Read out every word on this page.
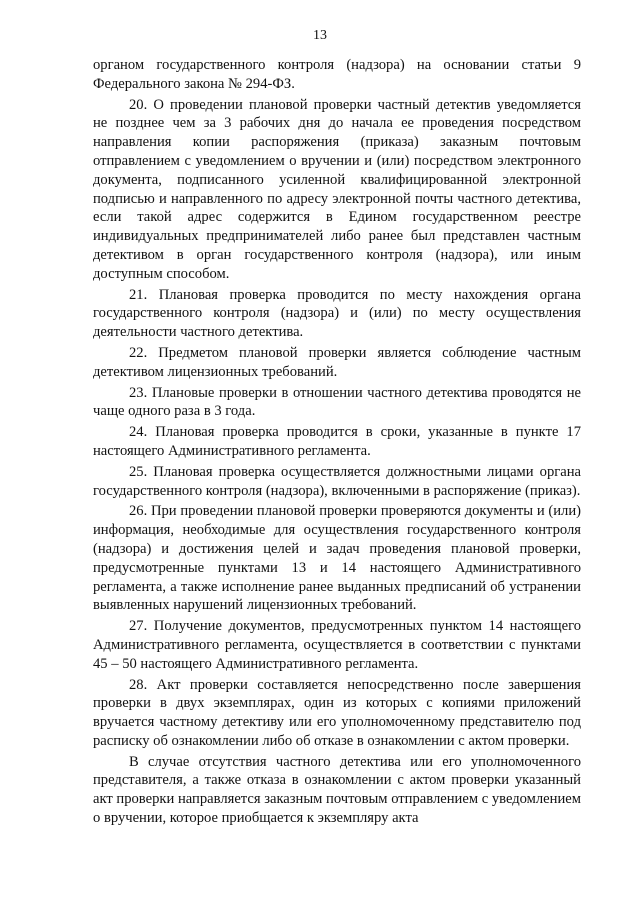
13

органом государственного контроля (надзора) на основании статьи 9 Федерального закона № 294-ФЗ.

20. О проведении плановой проверки частный детектив уведомляется не позднее чем за 3 рабочих дня до начала ее проведения посредством направления копии распоряжения (приказа) заказным почтовым отправлением с уведомлением о вручении и (или) посредством электронного документа, подписанного усиленной квалифицированной электронной подписью и направленного по адресу электронной почты частного детектива, если такой адрес содержится в Едином государственном реестре индивидуальных предпринимателей либо ранее был представлен частным детективом в орган государственного контроля (надзора), или иным доступным способом.

21. Плановая проверка проводится по месту нахождения органа государственного контроля (надзора) и (или) по месту осуществления деятельности частного детектива.

22. Предметом плановой проверки является соблюдение частным детективом лицензионных требований.

23. Плановые проверки в отношении частного детектива проводятся не чаще одного раза в 3 года.

24. Плановая проверка проводится в сроки, указанные в пункте 17 настоящего Административного регламента.

25. Плановая проверка осуществляется должностными лицами органа государственного контроля (надзора), включенными в распоряжение (приказ).

26. При проведении плановой проверки проверяются документы и (или) информация, необходимые для осуществления государственного контроля (надзора) и достижения целей и задач проведения плановой проверки, предусмотренные пунктами 13 и 14 настоящего Административного регламента, а также исполнение ранее выданных предписаний об устранении выявленных нарушений лицензионных требований.

27. Получение документов, предусмотренных пунктом 14 настоящего Административного регламента, осуществляется в соответствии с пунктами 45 – 50 настоящего Административного регламента.

28. Акт проверки составляется непосредственно после завершения проверки в двух экземплярах, один из которых с копиями приложений вручается частному детективу или его уполномоченному представителю под расписку об ознакомлении либо об отказе в ознакомлении с актом проверки.

В случае отсутствия частного детектива или его уполномоченного представителя, а также отказа в ознакомлении с актом проверки указанный акт проверки направляется заказным почтовым отправлением с уведомлением о вручении, которое приобщается к экземпляру акта
